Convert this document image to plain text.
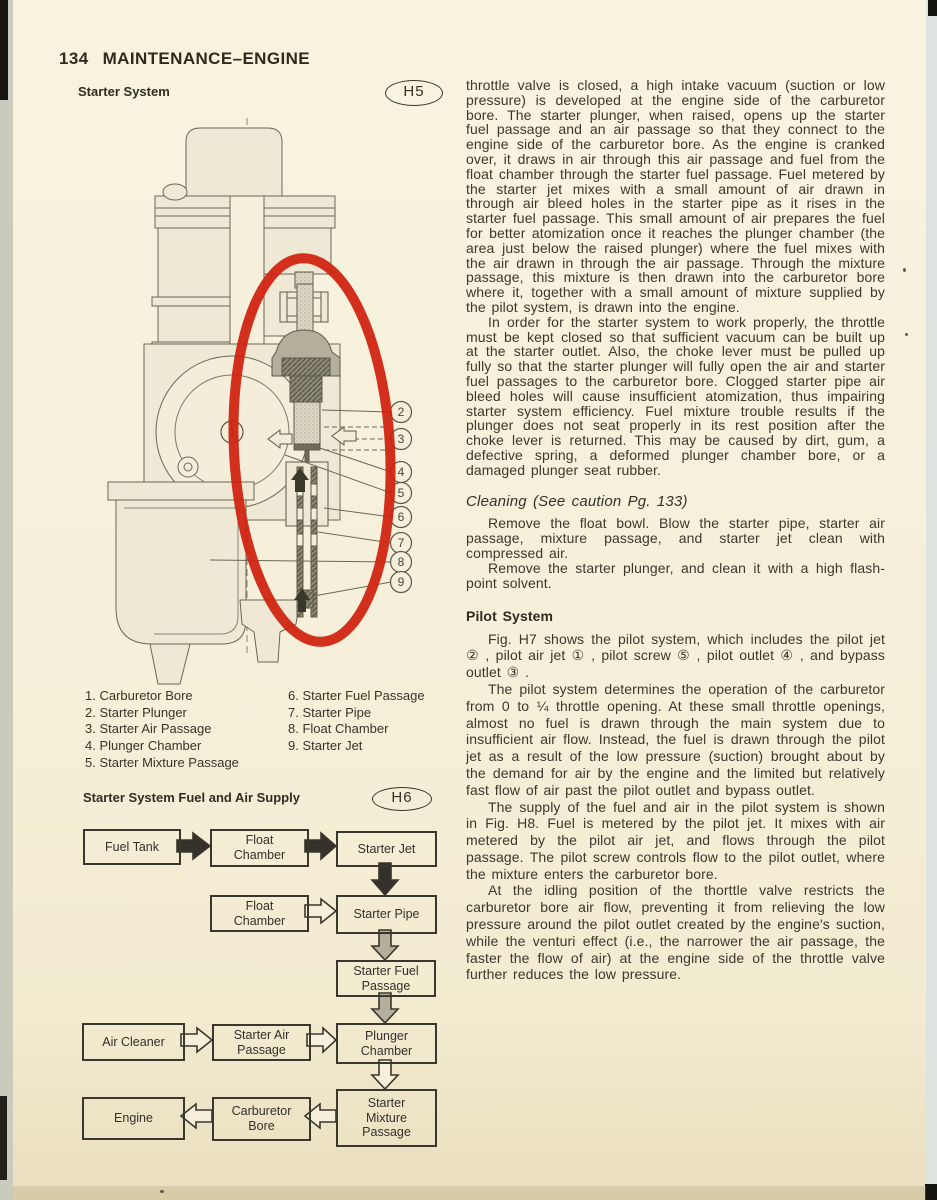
134 MAINTENANCE–ENGINE
Starter System	H5
1
2
3
4
5
6
7
8
9
1. Carburetor Bore
2. Starter Plunger
3. Starter Air Passage
4. Plunger Chamber
5. Starter Mixture Passage
6. Starter Fuel Passage
7. Starter Pipe
8. Float Chamber
9. Starter Jet
Starter System Fuel and Air Supply	H6
Fuel Tank	Float Chamber	Starter Jet
Float Chamber	Starter Pipe
Starter Fuel Passage
Air Cleaner	Starter Air Passage
Plunger Chamber
Starter Mixture Passage
Carburetor Bore
Engine

throttle valve is closed, a high intake vacuum (suction or low pressure) is developed at the engine side of the carburetor bore. The starter plunger, when raised, opens up the starter fuel passage and an air passage so that they connect to the engine side of the carburetor bore. As the engine is cranked over, it draws in air through this air passage and fuel from the float chamber through the starter fuel passage. Fuel metered by the starter jet mixes with a small amount of air drawn in through air bleed holes in the starter pipe as it rises in the starter fuel passage. This small amount of air prepares the fuel for better atomization once it reaches the plunger chamber (the area just below the raised plunger) where the fuel mixes with the air drawn in through the air passage. Through the mixture passage, this mixture is then drawn into the carburetor bore where it, together with a small amount of mixture supplied by the pilot system, is drawn into the engine.

In order for the starter system to work properly, the throttle must be kept closed so that sufficient vacuum can be built up at the starter outlet. Also, the choke lever must be pulled up fully so that the starter plunger will fully open the air and starter fuel passages to the carburetor bore. Clogged starter pipe air bleed holes will cause insufficient atomization, thus impairing starter system efficiency. Fuel mixture trouble results if the plunger does not seat properly in its rest position after the choke lever is returned. This may be caused by dirt, gum, a defective spring, a deformed plunger chamber bore, or a damaged plunger seat rubber.

Cleaning (See caution Pg. 133)

Remove the float bowl. Blow the starter pipe, starter air passage, mixture passage, and starter jet clean with compressed air.

Remove the starter plunger, and clean it with a high flash-point solvent.

Pilot System

Fig. H7 shows the pilot system, which includes the pilot jet ② , pilot air jet ① , pilot screw ⑤ , pilot outlet ④ , and bypass outlet ③ .

The pilot system determines the operation of the carburetor from 0 to ¼ throttle opening. At these small throttle openings, almost no fuel is drawn through the main system due to insufficient air flow. Instead, the fuel is drawn through the pilot jet as a result of the low pressure (suction) brought about by the demand for air by the engine and the limited but relatively fast flow of air past the pilot outlet and bypass outlet.

The supply of the fuel and air in the pilot system is shown in Fig. H8. Fuel is metered by the pilot jet. It mixes with air metered by the pilot air jet, and flows through the pilot passage. The pilot screw controls flow to the pilot outlet, where the mixture enters the carburetor bore.

At the idling position of the thorttle valve restricts the carburetor bore air flow, preventing it from relieving the low pressure around the pilot outlet created by the engine's suction, while the venturi effect (i.e., the narrower the air passage, the faster the flow of air) at the engine side of the throttle valve further reduces the low pressure.
